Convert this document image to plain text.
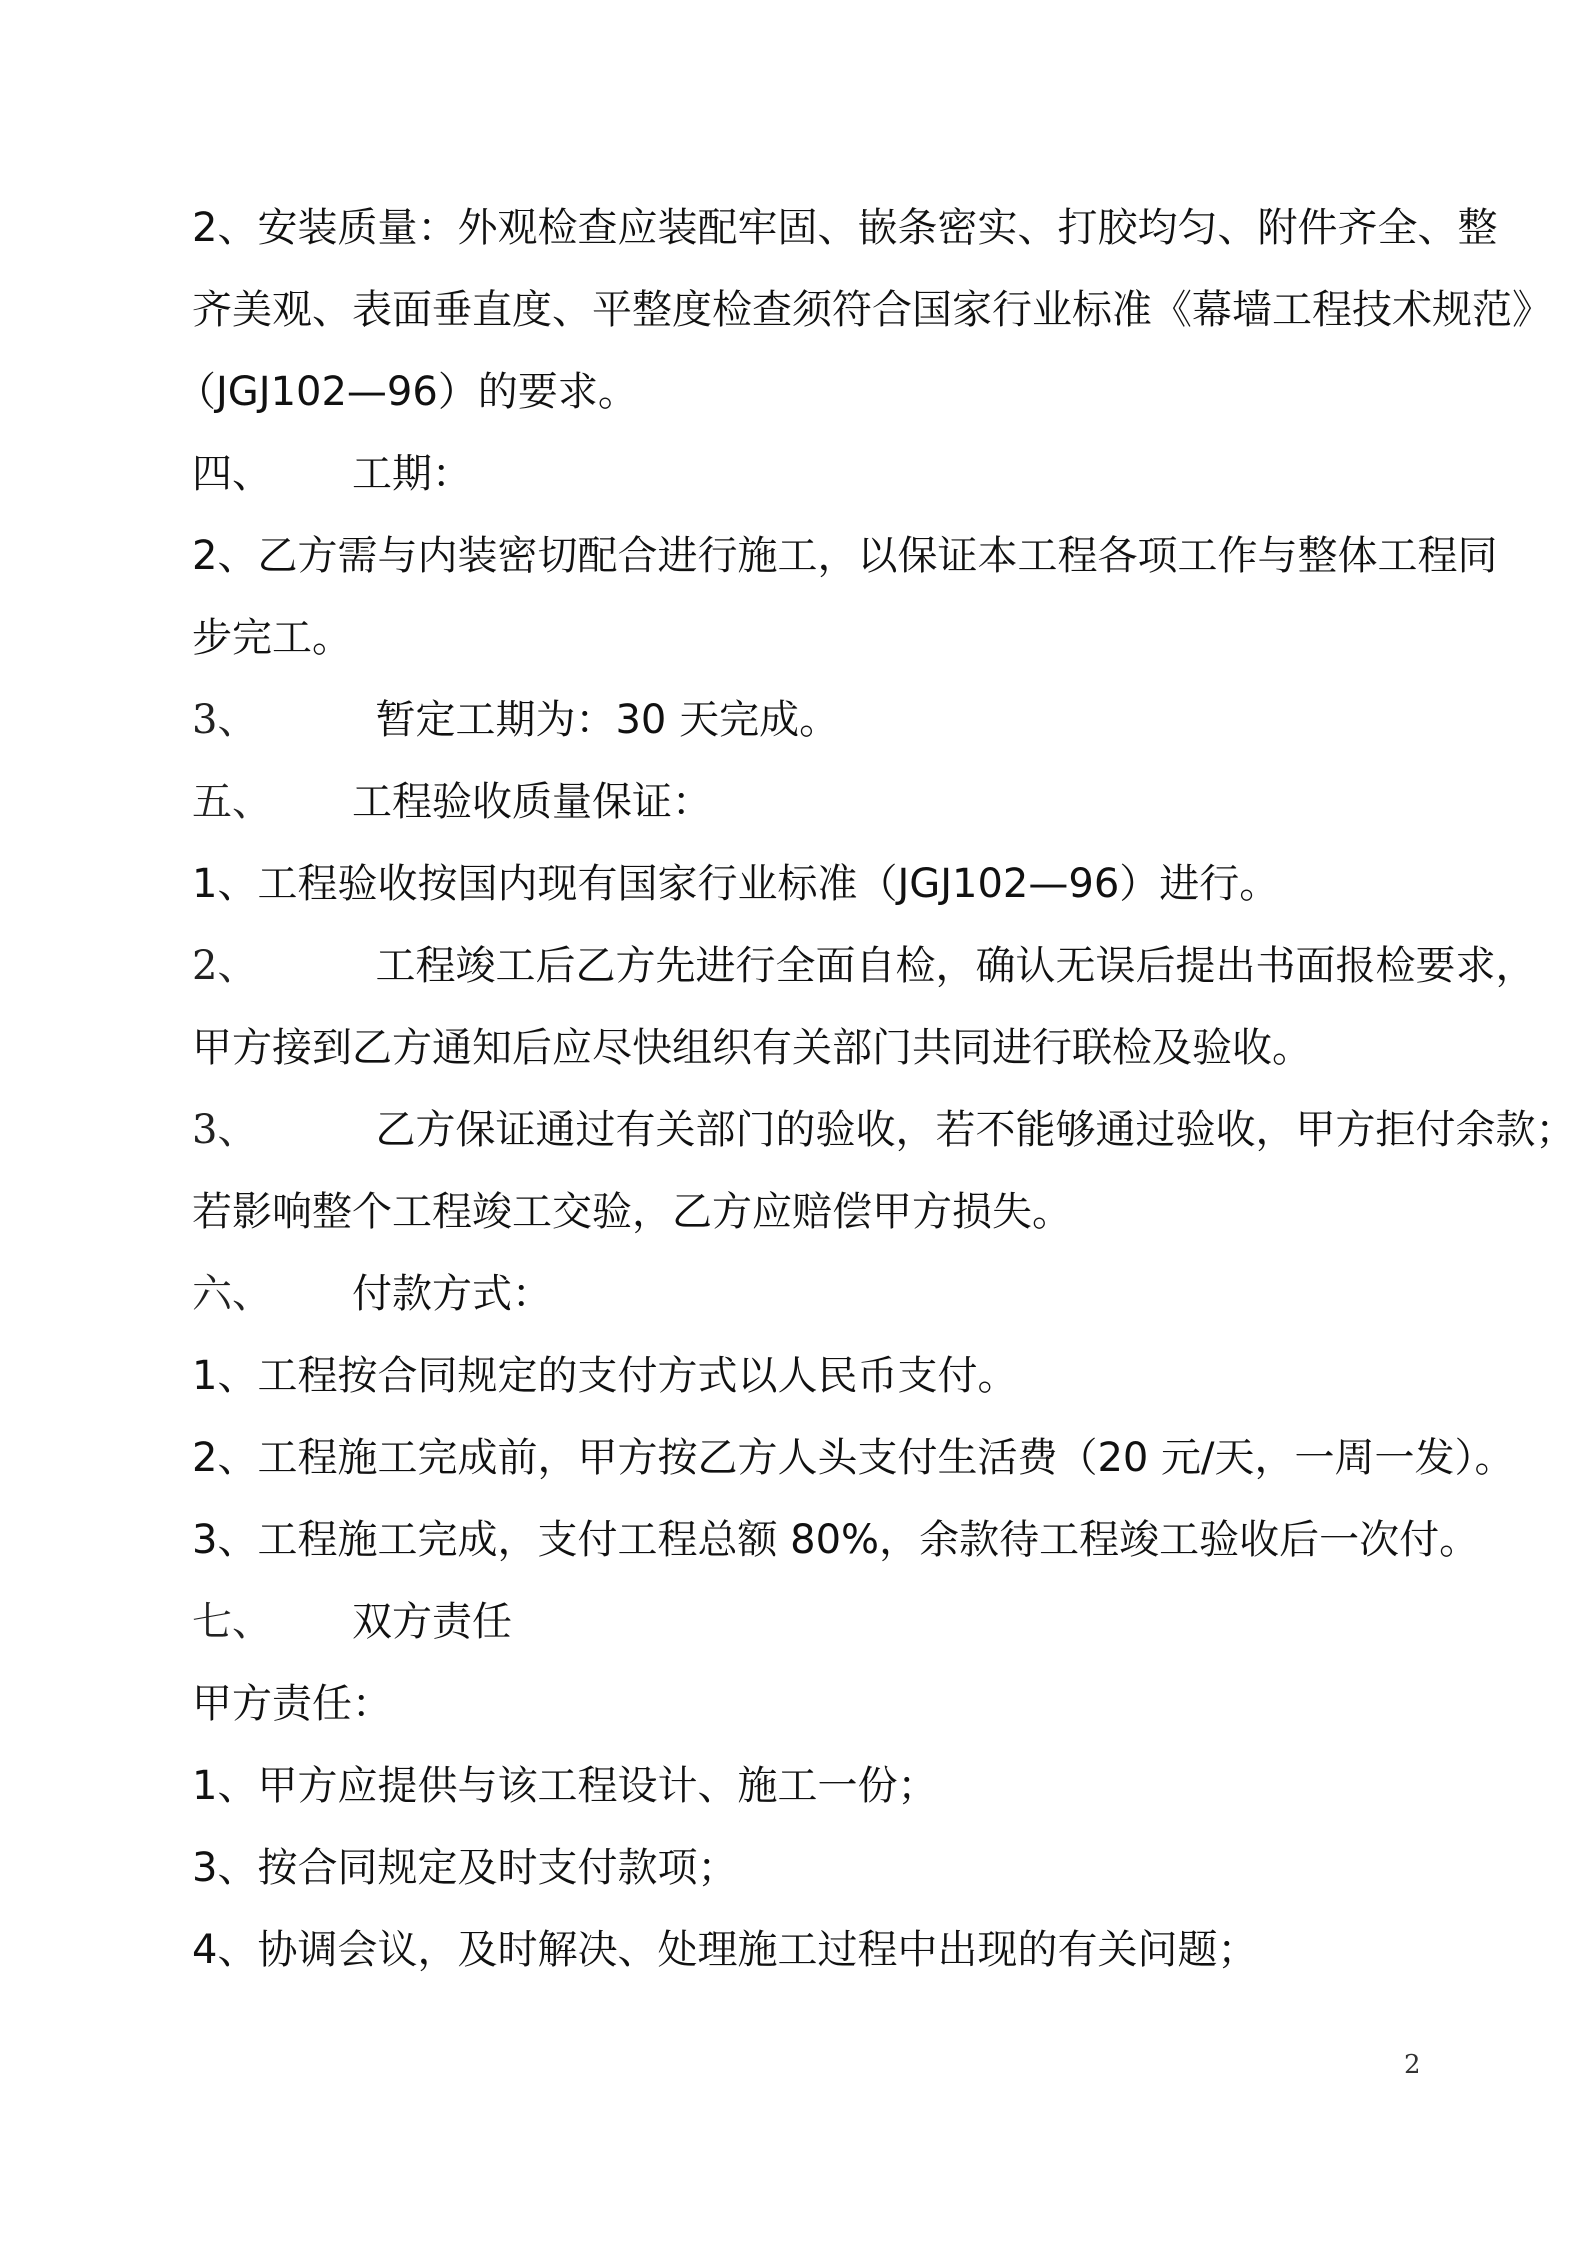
2、安装质量：外观检查应装配牢固、嵌条密实、打胶均匀、附件齐全、整
齐美观、表面垂直度、平整度检查须符合国家行业标准《幕墙工程技术规范》
（JGJ102—96）的要求。
四、 工期：
2、乙方需与内装密切配合进行施工，以保证本工程各项工作与整体工程同
步完工。
3、	暂定工期为：30 天完成。
五、 工程验收质量保证：
1、工程验收按国内现有国家行业标准（JGJ102—96）进行。
2、	工程竣工后乙方先进行全面自检，确认无误后提出书面报检要求，
甲方接到乙方通知后应尽快组织有关部门共同进行联检及验收。
3、	乙方保证通过有关部门的验收，若不能够通过验收，甲方拒付余款；
若影响整个工程竣工交验，乙方应赔偿甲方损失。
六、 付款方式：
1、工程按合同规定的支付方式以人民币支付。
2、工程施工完成前，甲方按乙方人头支付生活费（20 元/天，一周一发）。
3、工程施工完成，支付工程总额 80%，余款待工程竣工验收后一次付。
七、 双方责任
甲方责任：
1、甲方应提供与该工程设计、施工一份；
3、按合同规定及时支付款项；
4、协调会议，及时解决、处理施工过程中出现的有关问题；
2
